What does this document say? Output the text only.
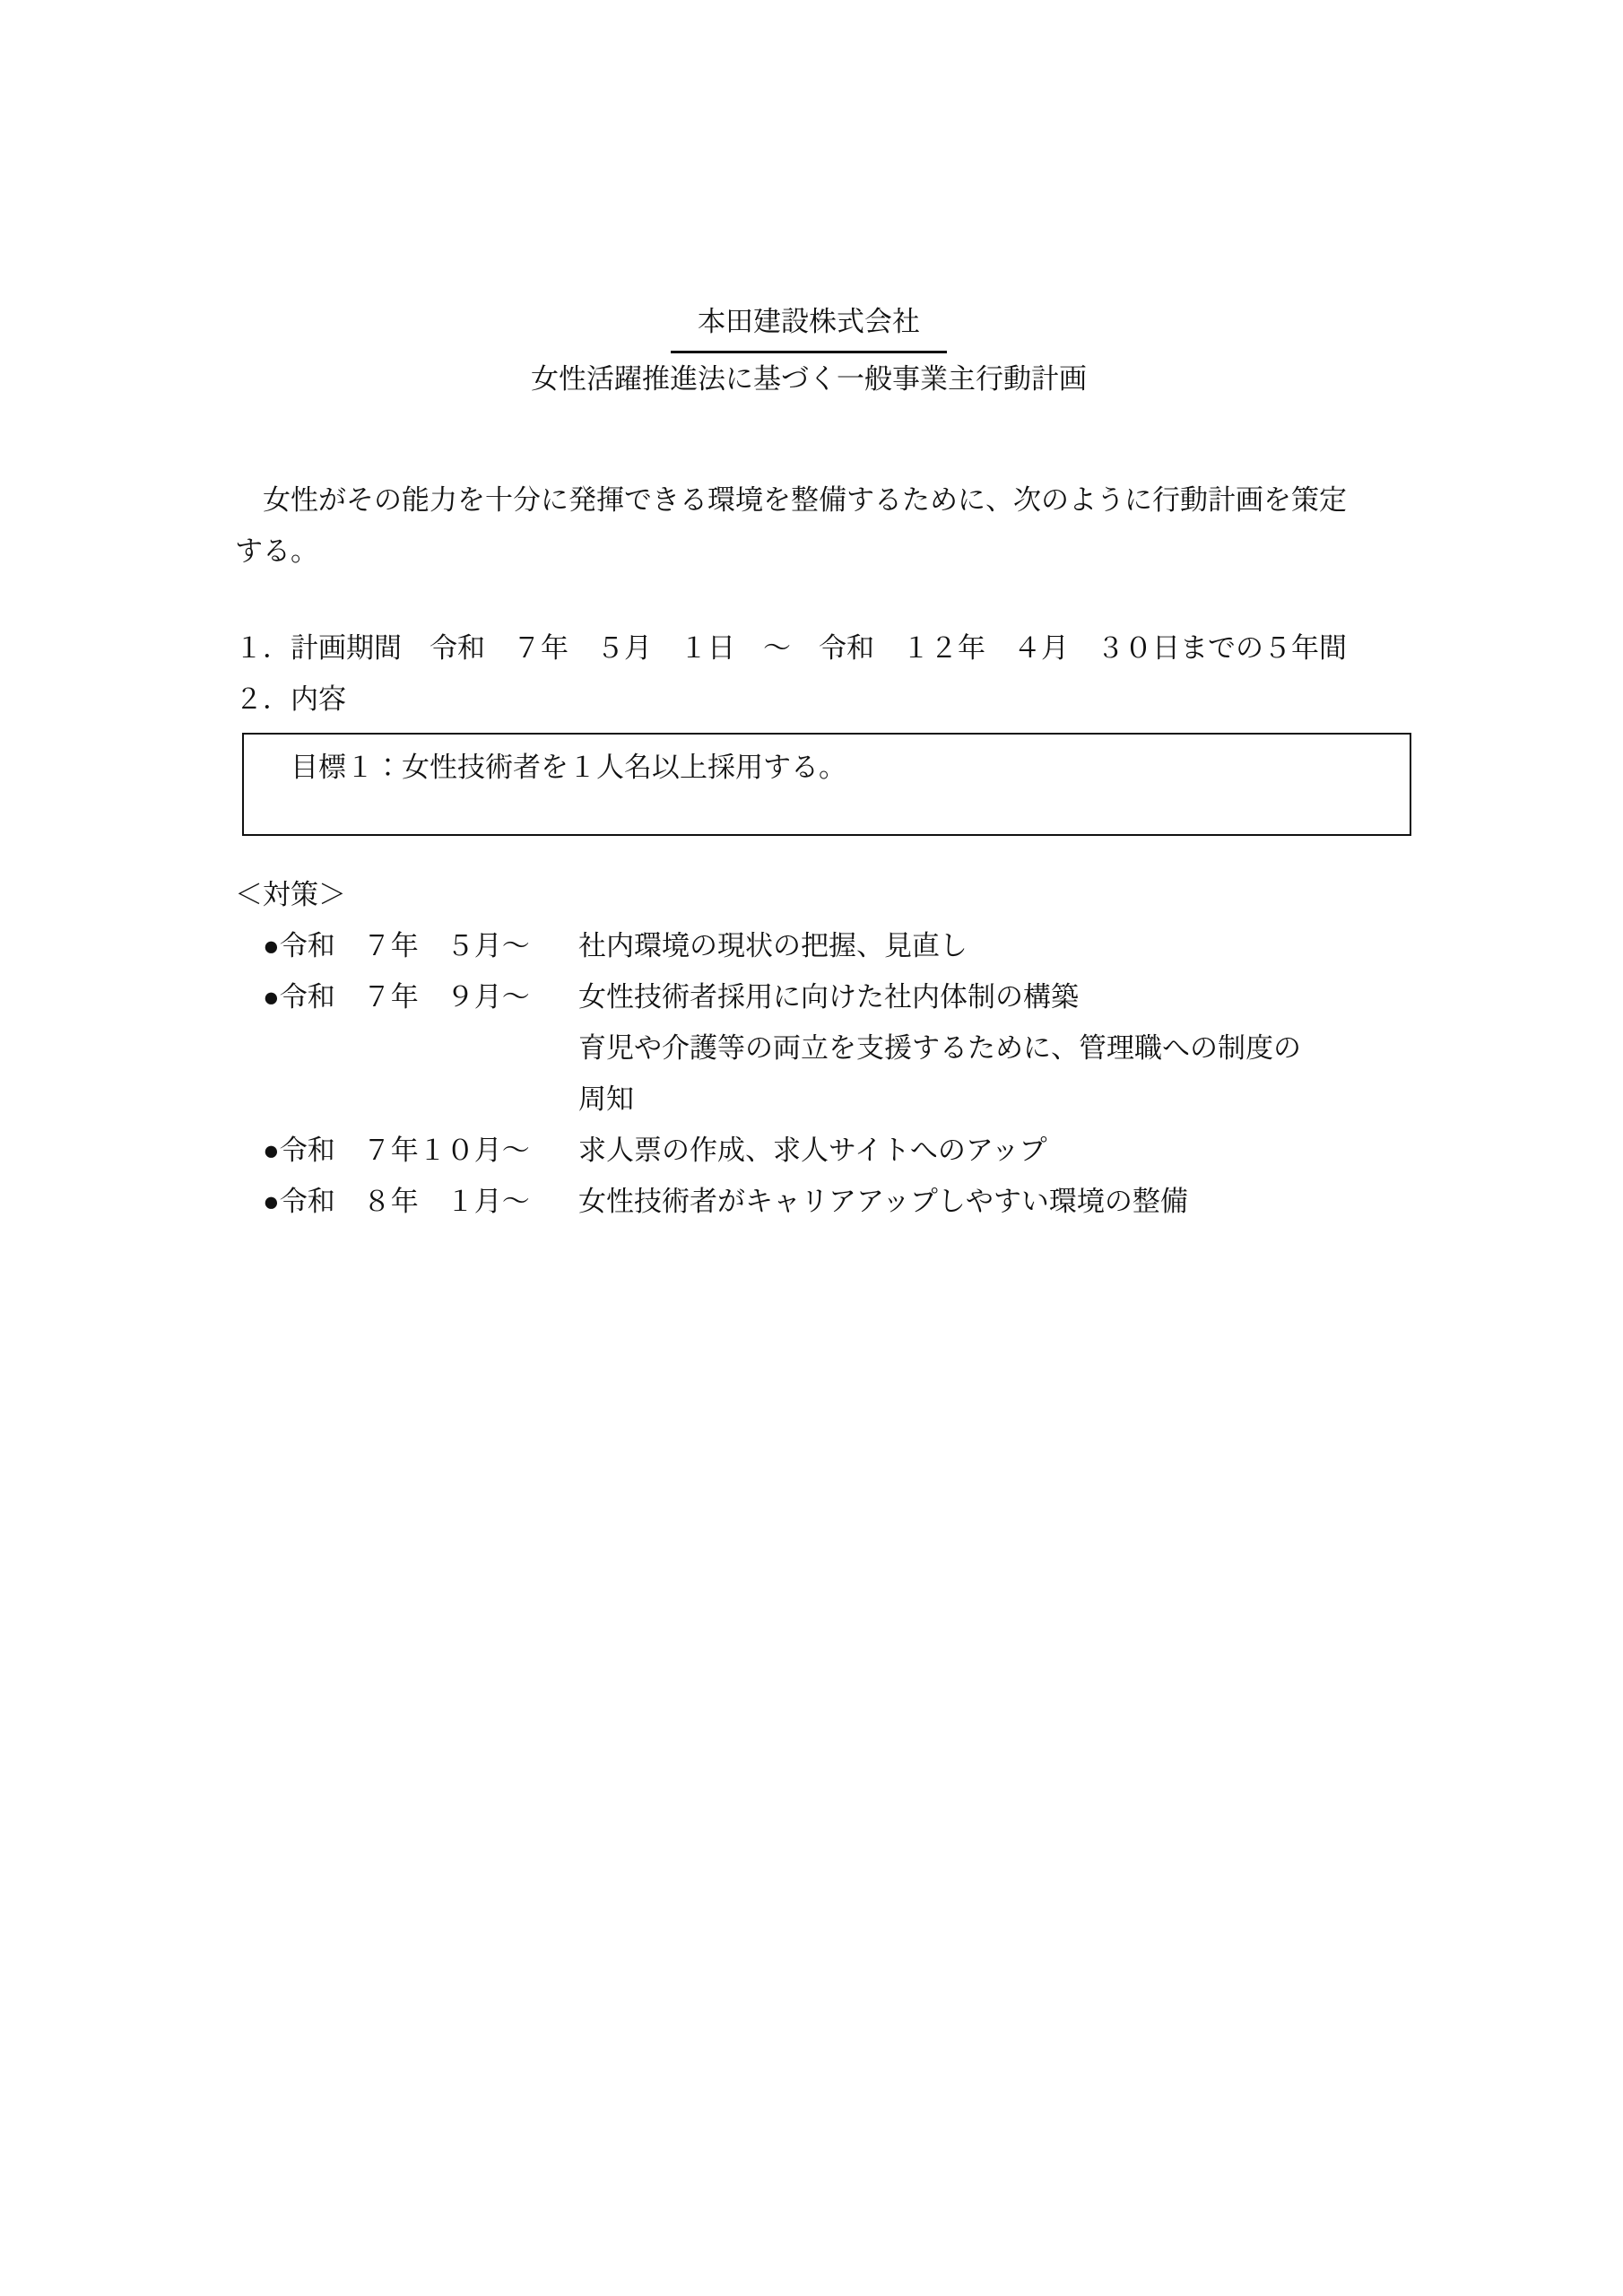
本田建設株式会社
女性活躍推進法に基づく一般事業主行動計画
　女性がその能力を十分に発揮できる環境を整備するために、次のように行動計画を策定
する。
１．計画期間　令和　７年　５月　１日　～　令和　１２年　４月　３０日までの５年間
２．内容
目標１：女性技術者を１人名以上採用する。
＜対策＞
● 令和　７年　５月～ 社内環境の現状の把握、見直し
● 令和　７年　９月～ 女性技術者採用に向けた社内体制の構築
育児や介護等の両立を支援するために、管理職への制度の
周知
● 令和　７年１０月～ 求人票の作成、求人サイトへのアップ
● 令和　８年　１月～ 女性技術者がキャリアアップしやすい環境の整備
